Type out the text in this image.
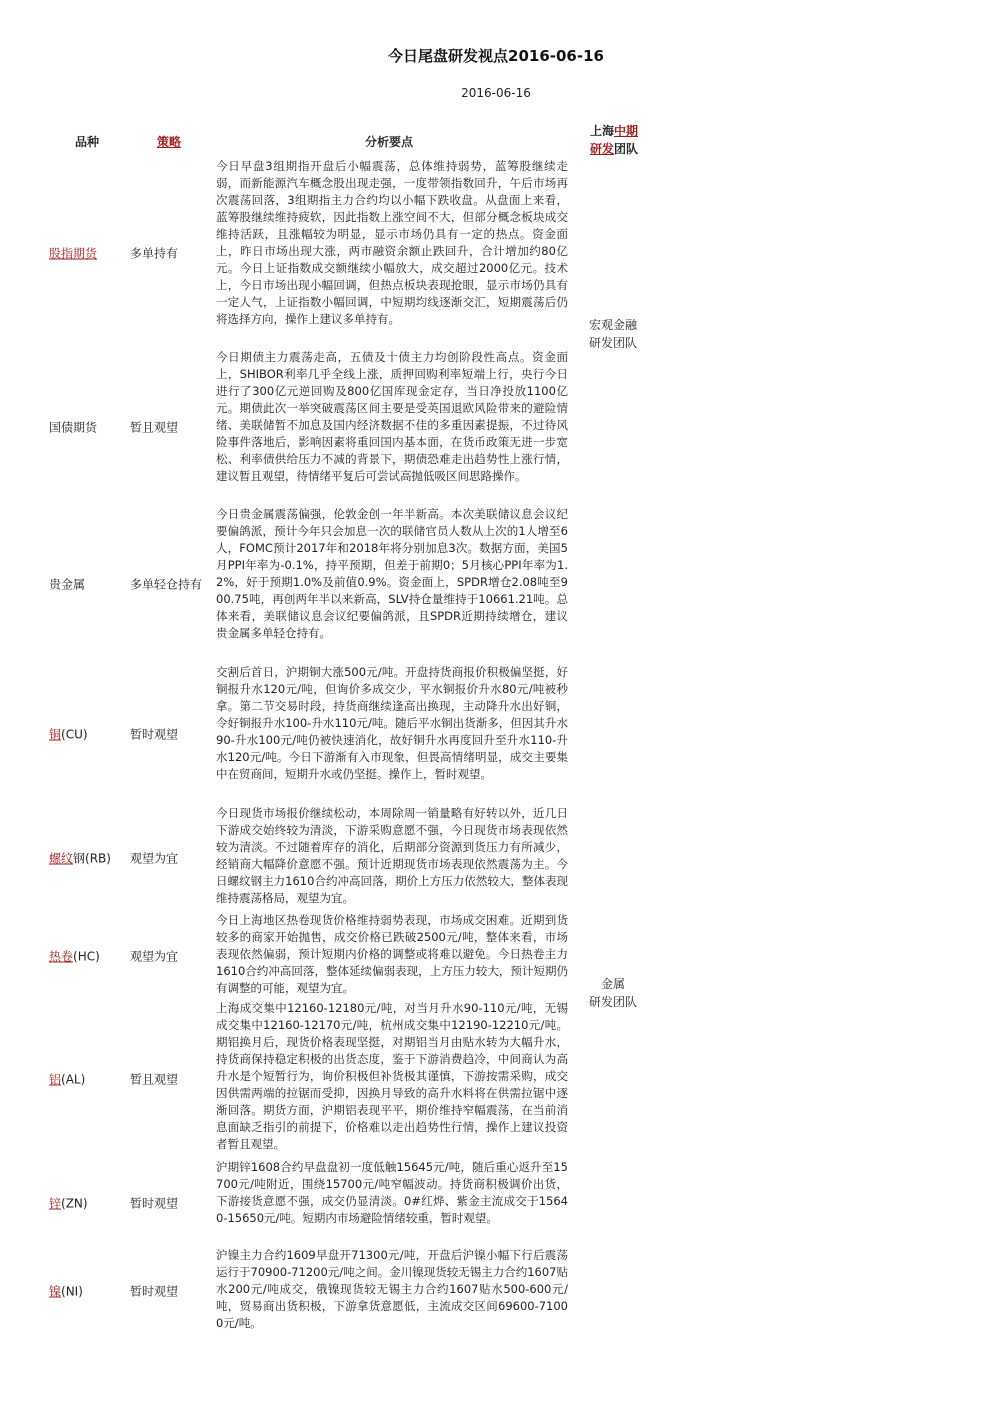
今日尾盘研发视点2016-06-16
2016-06-16
品种	策略	分析要点
上海中期
研发团队
股指期货	多单持有
今日早盘3组期指开盘后小幅震荡，总体维持弱势，蓝筹股继续走弱，而新能源汽车概念股出现走强，一度带领指数回升，午后市场再次震荡回落，3组期指主力合约均以小幅下跌收盘。从盘面上来看，蓝筹股继续维持疲软，因此指数上涨空间不大，但部分概念板块成交维持活跃，且涨幅较为明显，显示市场仍具有一定的热点。资金面上，昨日市场出现大涨，两市融资余额止跌回升，合计增加约80亿元。今日上证指数成交额继续小幅放大，成交超过2000亿元。技术上，今日市场出现小幅回调，但热点板块表现抢眼，显示市场仍具有一定人气，上证指数小幅回调，中短期均线逐渐交汇，短期震荡后仍将选择方向，操作上建议多单持有。
国债期货	暂且观望
今日期债主力震荡走高，五债及十债主力均创阶段性高点。资金面上，SHIBOR利率几乎全线上涨，质押回购利率短端上行，央行今日进行了300亿元逆回购及800亿国库现金定存，当日净投放1100亿元。期债此次一举突破震荡区间主要是受英国退欧风险带来的避险情绪、美联储暂不加息及国内经济数据不佳的多重因素提振，不过待风险事件落地后，影响因素将重回国内基本面，在货币政策无进一步宽松、利率债供给压力不减的背景下，期债恐难走出趋势性上涨行情，建议暂且观望，待情绪平复后可尝试高抛低吸区间思路操作。
贵金属	多单轻仓持有
今日贵金属震荡偏强，伦敦金创一年半新高。本次美联储议息会议纪要偏鸽派，预计今年只会加息一次的联储官员人数从上次的1人增至6人，FOMC预计2017年和2018年将分别加息3次。数据方面，美国5月PPI年率为-0.1%，持平预期，但差于前期0；5月核心PPI年率为1.2%，好于预期1.0%及前值0.9%。资金面上，SPDR增仓2.08吨至900.75吨，再创两年半以来新高，SLV持仓量维持于10661.21吨。总体来看，美联储议息会议纪要偏鸽派，且SPDR近期持续增仓，建议贵金属多单轻仓持有。
铜(CU)	暂时观望
交割后首日，沪期铜大涨500元/吨。开盘持货商报价积极偏坚挺，好铜报升水120元/吨，但询价多成交少，平水铜报价升水80元/吨被秒拿。第二节交易时段，持货商继续逢高出换现，主动降升水出好铜，令好铜报升水100-升水110元/吨。随后平水铜出货渐多，但因其升水90-升水100元/吨仍被快速消化，故好铜升水再度回升至升水110-升水120元/吨。今日下游渐有入市现象，但畏高情绪明显，成交主要集中在贸商间，短期升水或仍坚挺。操作上，暂时观望。
螺纹钢(RB) 观望为宜
今日现货市场报价继续松动，本周除周一销量略有好转以外，近几日下游成交始终较为清淡，下游采购意愿不强，今日现货市场表现依然较为清淡。不过随着库存的消化，后期部分资源到货压力有所减少，经销商大幅降价意愿不强。预计近期现货市场表现依然震荡为主。今日螺纹钢主力1610合约冲高回落，期价上方压力依然较大，整体表现维持震荡格局，观望为宜。
热卷(HC)	观望为宜
今日上海地区热卷现货价格维持弱势表现，市场成交困难。近期到货较多的商家开始抛售，成交价格已跌破2500元/吨，整体来看，市场表现依然偏弱，预计短期内价格的调整或将难以避免。今日热卷主力1610合约冲高回落，整体延续偏弱表现，上方压力较大，预计短期仍有调整的可能，观望为宜。
铝(AL)	暂且观望
上海成交集中12160-12180元/吨，对当月升水90-110元/吨，无锡成交集中12160-12170元/吨，杭州成交集中12190-12210元/吨。期铝换月后，现货价格表现坚挺，对期铝当月由贴水转为大幅升水，持货商保持稳定积极的出货态度，鉴于下游消费趋冷，中间商认为高升水是个短暂行为，询价积极但补货极其谨慎，下游按需采购，成交因供需两端的拉锯而受抑，因换月导致的高升水料将在供需拉锯中逐渐回落。期货方面，沪期铝表现平平，期价维持窄幅震荡，在当前消息面缺乏指引的前提下，价格难以走出趋势性行情，操作上建议投资者暂且观望。
锌(ZN)	暂时观望
沪期锌1608合约早盘盘初一度低触15645元/吨，随后重心返升至15700元/吨附近，围绕15700元/吨窄幅波动。持货商积极调价出货，下游接货意愿不强，成交仍显清淡。0#红烨、紫金主流成交于15640-15650元/吨。短期内市场避险情绪较重，暂时观望。
镍(NI)	暂时观望
沪镍主力合约1609早盘开71300元/吨，开盘后沪镍小幅下行后震荡运行于70900-71200元/吨之间。金川镍现货较无锡主力合约1607贴水200元/吨成交，俄镍现货较无锡主力合约1607贴水500-600元/吨，贸易商出货积极，下游拿货意愿低，主流成交区间69600-71000元/吨。
宏观金融
研发团队
金属
研发团队
